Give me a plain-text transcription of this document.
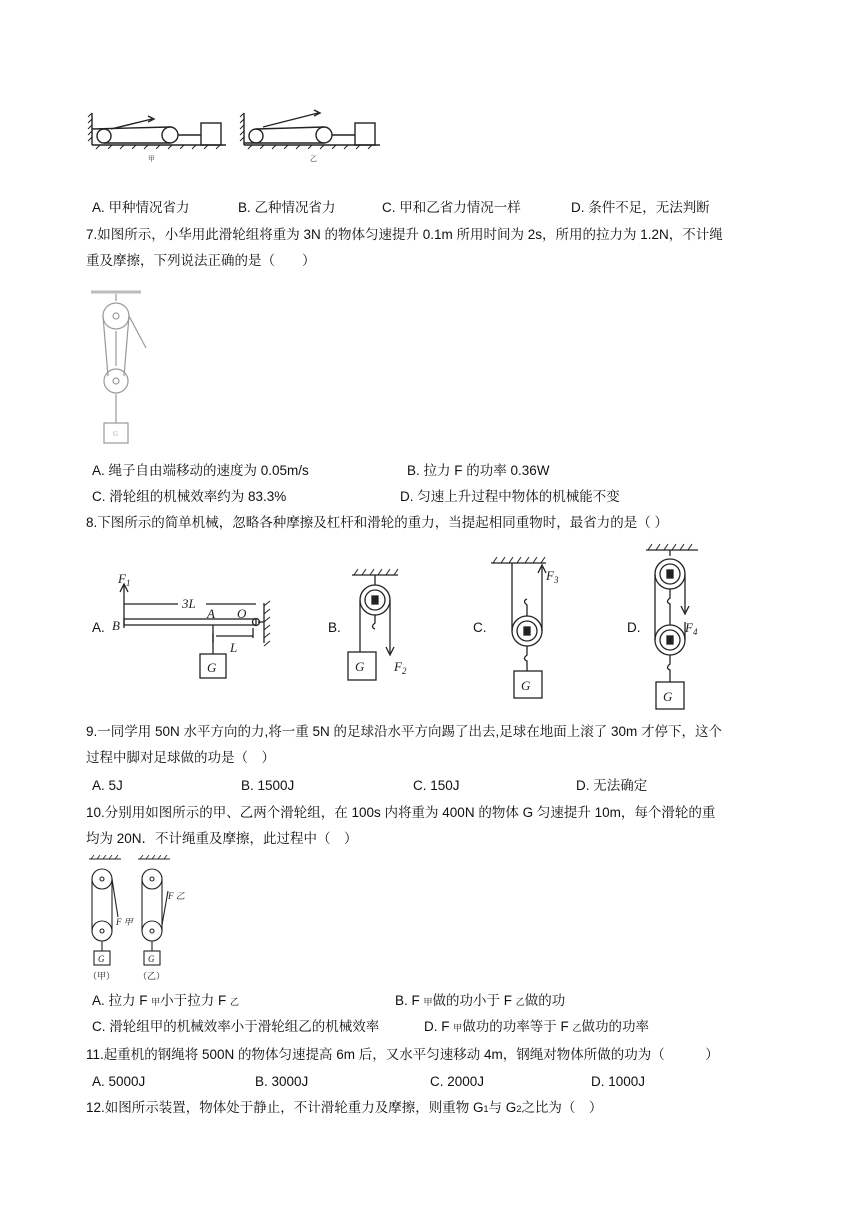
甲	乙
A. 甲种情况省力	B. 乙种情况省力	C. 甲和乙省力情况一样	D. 条件不足，无法判断
7.如图所示，小华用此滑轮组将重为 3N 的物体匀速提升 0.1m 所用时间为 2s，所用的拉力为 1.2N，不计绳
重及摩擦，下列说法正确的是（　　）
G
A. 绳子自由端移动的速度为 0.05m/s	B. 拉力 F 的功率 0.36W
C. 滑轮组的机械效率约为 83.3%	D. 匀速上升过程中物体的机械能不变
8.下图所示的简单机械，忽略各种摩擦及杠杆和滑轮的重力，当提起相同重物时，最省力的是（ ）
A.	B.	C.	D.
$F_1$
3L
B
A O
L
G	G $F_2$
G
$F_3$
G
$F_4$
9.一同学用 50N 水平方向的力,将一重 5N 的足球沿水平方向踢了出去,足球在地面上滚了 30m 才停下，这个
过程中脚对足球做的功是（　）
A. 5J	B. 1500J	C. 150J	D. 无法确定
10.分别用如图所示的甲、乙两个滑轮组，在 100s 内将重为 400N 的物体 G 匀速提升 10m，每个滑轮的重
均为 20N．不计绳重及摩擦，此过程中（　）
G	G
F 甲
F 乙
（甲）	（乙）
A. 拉力 F 甲小于拉力 F 乙	B. F 甲做的功小于 F 乙做的功
C. 滑轮组甲的机械效率小于滑轮组乙的机械效率	D. F 甲做功的功率等于 F 乙做功的功率
11.起重机的钢绳将 500N 的物体匀速提高 6m 后，又水平匀速移动 4m，钢绳对物体所做的功为（　　　）
A. 5000J	B. 3000J	C. 2000J	D. 1000J
12.如图所示装置，物体处于静止，不计滑轮重力及摩擦，则重物 G1与 G2之比为（　）
